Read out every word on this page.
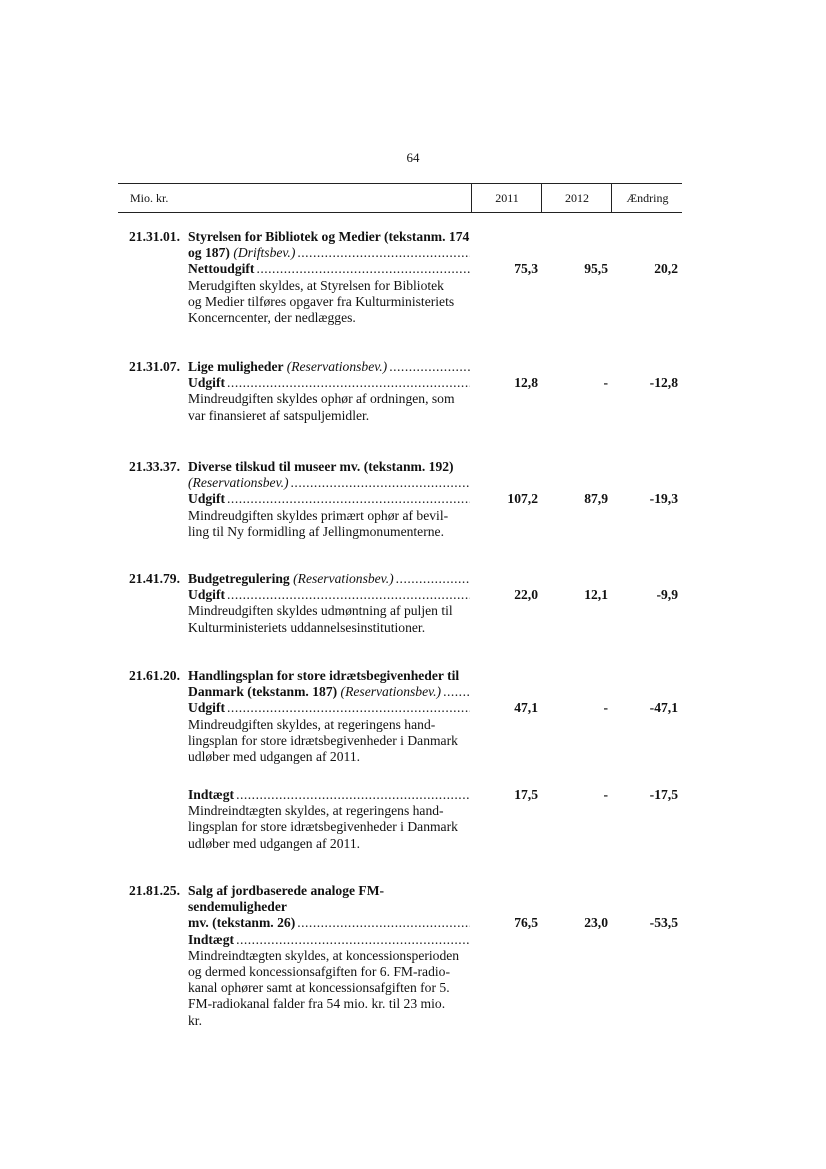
64
Mio. kr.	2011	2012	Ændring
21.31.01. Styrelsen for Bibliotek og Medier (tekstanm. 174
og 187) (Driftsbev.)
.....
Nettoudgift
.....
Merudgiften skyldes, at Styrelsen for Bibliotek
og Medier tilføres opgaver fra Kulturministeriets
Koncerncenter, der nedlægges.
75,3	95,5	20,2
21.31.07. Lige muligheder (Reservationsbev.)
.....
Udgift
.....
Mindreudgiften skyldes ophør af ordningen, som
var finansieret af satspuljemidler.
12,8	-	-12,8
21.33.37. Diverse tilskud til museer mv. (tekstanm. 192)
(Reservationsbev.)
.....
Udgift
.....
Mindreudgiften skyldes primært ophør af bevil-
ling til Ny formidling af Jellingmonumenterne.
107,2	87,9	-19,3
21.41.79. Budgetregulering (Reservationsbev.)
.....
Udgift
.....
Mindreudgiften skyldes udmøntning af puljen til
Kulturministeriets uddannelsesinstitutioner.
22,0	12,1	-9,9
21.61.20. Handlingsplan for store idrætsbegivenheder til
Danmark (tekstanm. 187) (Reservationsbev.)
.....
Udgift
.....
Mindreudgiften skyldes, at regeringens hand-
lingsplan for store idrætsbegivenheder i Danmark
udløber med udgangen af 2011.
47,1	-	-47,1
Indtægt
.....
Mindreindtægten skyldes, at regeringens hand-
lingsplan for store idrætsbegivenheder i Danmark
udløber med udgangen af 2011.
17,5	-	-17,5
21.81.25. Salg af jordbaserede analoge FM-sendemuligheder
mv. (tekstanm. 26)
.....
Indtægt
.....
Mindreindtægten skyldes, at koncessionsperioden
og dermed koncessionsafgiften for 6. FM-radio-
kanal ophører samt at koncessionsafgiften for 5.
FM-radiokanal falder fra 54 mio. kr. til 23 mio.
kr.
76,5	23,0	-53,5
